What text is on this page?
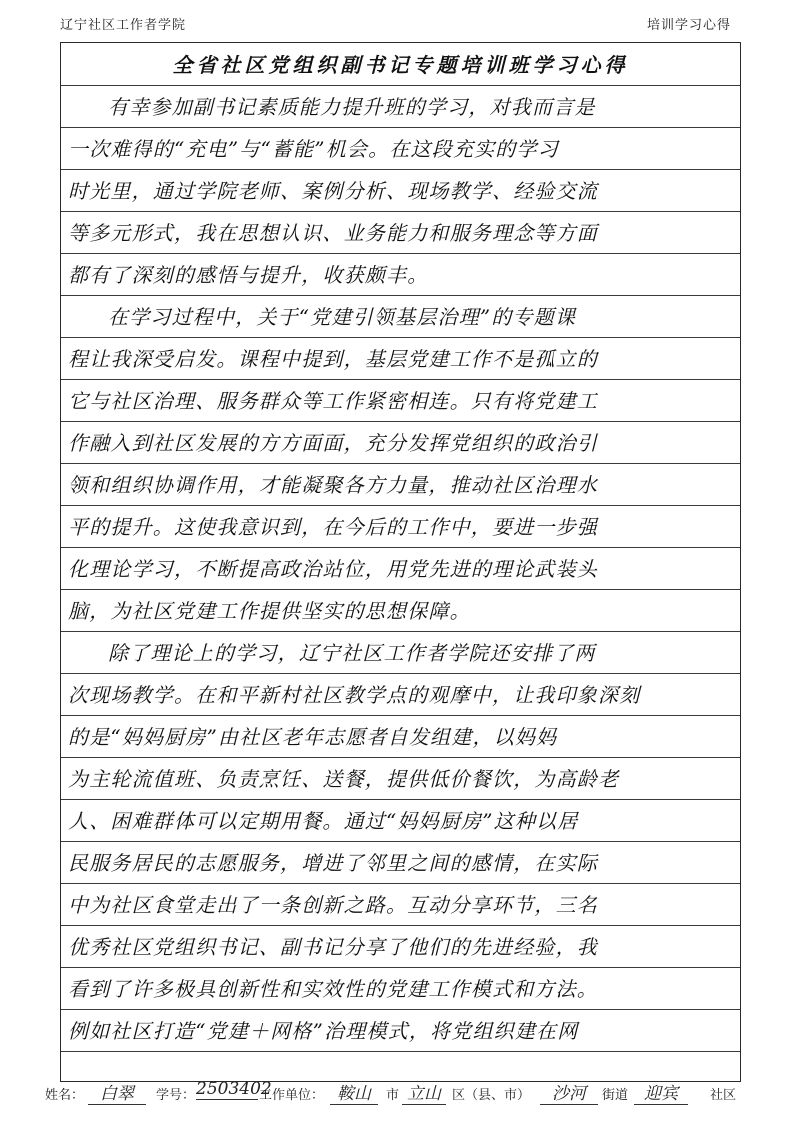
辽宁社区工作者学院	培训学习心得
全省社区党组织副书记专题培训班学习心得
有幸参加副书记素质能力提升班的学习，对我而言是
一次难得的“充电”与“蓄能”机会。在这段充实的学习
时光里，通过学院老师、案例分析、现场教学、经验交流
等多元形式，我在思想认识、业务能力和服务理念等方面
都有了深刻的感悟与提升，收获颇丰。
在学习过程中，关于“党建引领基层治理”的专题课
程让我深受启发。课程中提到，基层党建工作不是孤立的
它与社区治理、服务群众等工作紧密相连。只有将党建工
作融入到社区发展的方方面面，充分发挥党组织的政治引
领和组织协调作用，才能凝聚各方力量，推动社区治理水
平的提升。这使我意识到，在今后的工作中，要进一步强
化理论学习，不断提高政治站位，用党先进的理论武装头
脑，为社区党建工作提供坚实的思想保障。
除了理论上的学习，辽宁社区工作者学院还安排了两
次现场教学。在和平新村社区教学点的观摩中，让我印象深刻
的是“妈妈厨房”由社区老年志愿者自发组建，以妈妈
为主轮流值班、负责烹饪、送餐，提供低价餐饮，为高龄老
人、困难群体可以定期用餐。通过“妈妈厨房”这种以居
民服务居民的志愿服务，增进了邻里之间的感情，在实际
中为社区食堂走出了一条创新之路。互动分享环节，三名
优秀社区党组织书记、副书记分享了他们的先进经验，我
看到了许多极具创新性和实效性的党建工作模式和方法。
例如社区打造“党建＋网格”治理模式，将党组织建在网
姓名： 白翠	学号： 2503402
工作单位： 鞍山	市 立山 区（县、市）	沙河	街道 迎宾	社区
